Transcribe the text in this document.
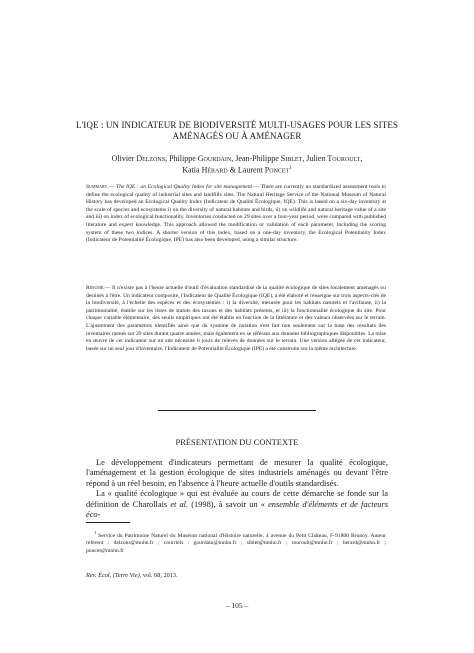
L'IQE : UN INDICATEUR DE BIODIVERSITÉ MULTI-USAGES POUR LES SITES
AMÉNAGÉS OU À AMÉNAGER
Olivier Delzons, Philippe Gourdain, Jean-Philippe Siblet, Julien Touroult,
Katia Hérard & Laurent Poncet$^1$
Summary.— The IQE : an Ecological Quality Index for site management.— There are currently no standardized assessment tools to define the ecological quality of industrial sites and landfills sites. The Natural Heritage Service of the National Museum of Natural History has developed an Ecological Quality Index (Indicateur de Qualité Écologique, IQE). This is based on a six-day inventory at the scale of species and ecosystems i) on the diversity of natural habitats and birds, ii) on wildlife and natural heritage value of a site and iii) on index of ecological functionality. Inventories conducted on 29 sites over a four-year period, were compared with published literature and expert knowledge. This approach allowed the modification or validation of each parameter, including the scoring system of these two indices. A shorter version of this index, based on a one-day inventory, the Ecological Potentiality Index (Indicateur de Potentialité Écologique, IPE) has also been developed, using a similar structure.
Résumé.— Il n'existe pas à l'heure actuelle d'outil d'évaluation standardisé de la qualité écologique de sites localement aménagés ou destinés à l'être. Un indicateur composite, l'Indicateur de Qualité Écologique (IQE), a été élaboré et renseigne sur trois aspects-clés de la biodiversité, à l'échelle des espèces et des écosystèmes : i) la diversité, mesurée pour les habitats naturels et l'avifaune, ii) la patrimonialité, établie sur les listes de statuts des taxons et des habitats présents, et iii) la fonctionnalité écologique du site. Pour chaque variable élémentaire, des seuils empiriques ont été établis en fonction de la littérature et des valeurs observées sur le terrain. L'ajustement des paramètres identifiés ainsi que du système de notation s'est fait non seulement sur la base des résultats des inventaires menés sur 29 sites durant quatre années, mais également en se référant aux données bibliographiques disponibles. La mise en œuvre de cet indicateur sur un site nécessite 6 jours de relevés de données sur le terrain. Une version allégée de cet indicateur, basée sur un seul jour d'inventaire, l'Indicateur de Potentialité Écologique (IPE) a été construite sur la même architecture.
PRÉSENTATION DU CONTEXTE

Le développement d'indicateurs permettant de mesurer la qualité écologique, l'aménagement et la gestion écologique de sites industriels aménagés ou devant l'être répond à un réel besoin, en l'absence à l'heure actuelle d'outils standardisés.

La « qualité écologique » qui est évaluée au cours de cette démarche se fonde sur la définition de Charollais et al. (1998), à savoir un « ensemble d'éléments et de facteurs éco-

$^1$ Service du Patrimoine Naturel du Muséum national d'Histoire naturelle, 4 avenue du Petit Château, F-91800 Brunoy. Auteur référent : delzons@mnhn.fr ; courriels : gourdain@mnhn.fr ; siblet@mnhn.fr ; touroult@mnhn.fr ; herard@mnhn.fr ; poncet@mnhn.fr

Rev. Écol. (Terre Vie), vol. 68, 2013.
– 105 –
